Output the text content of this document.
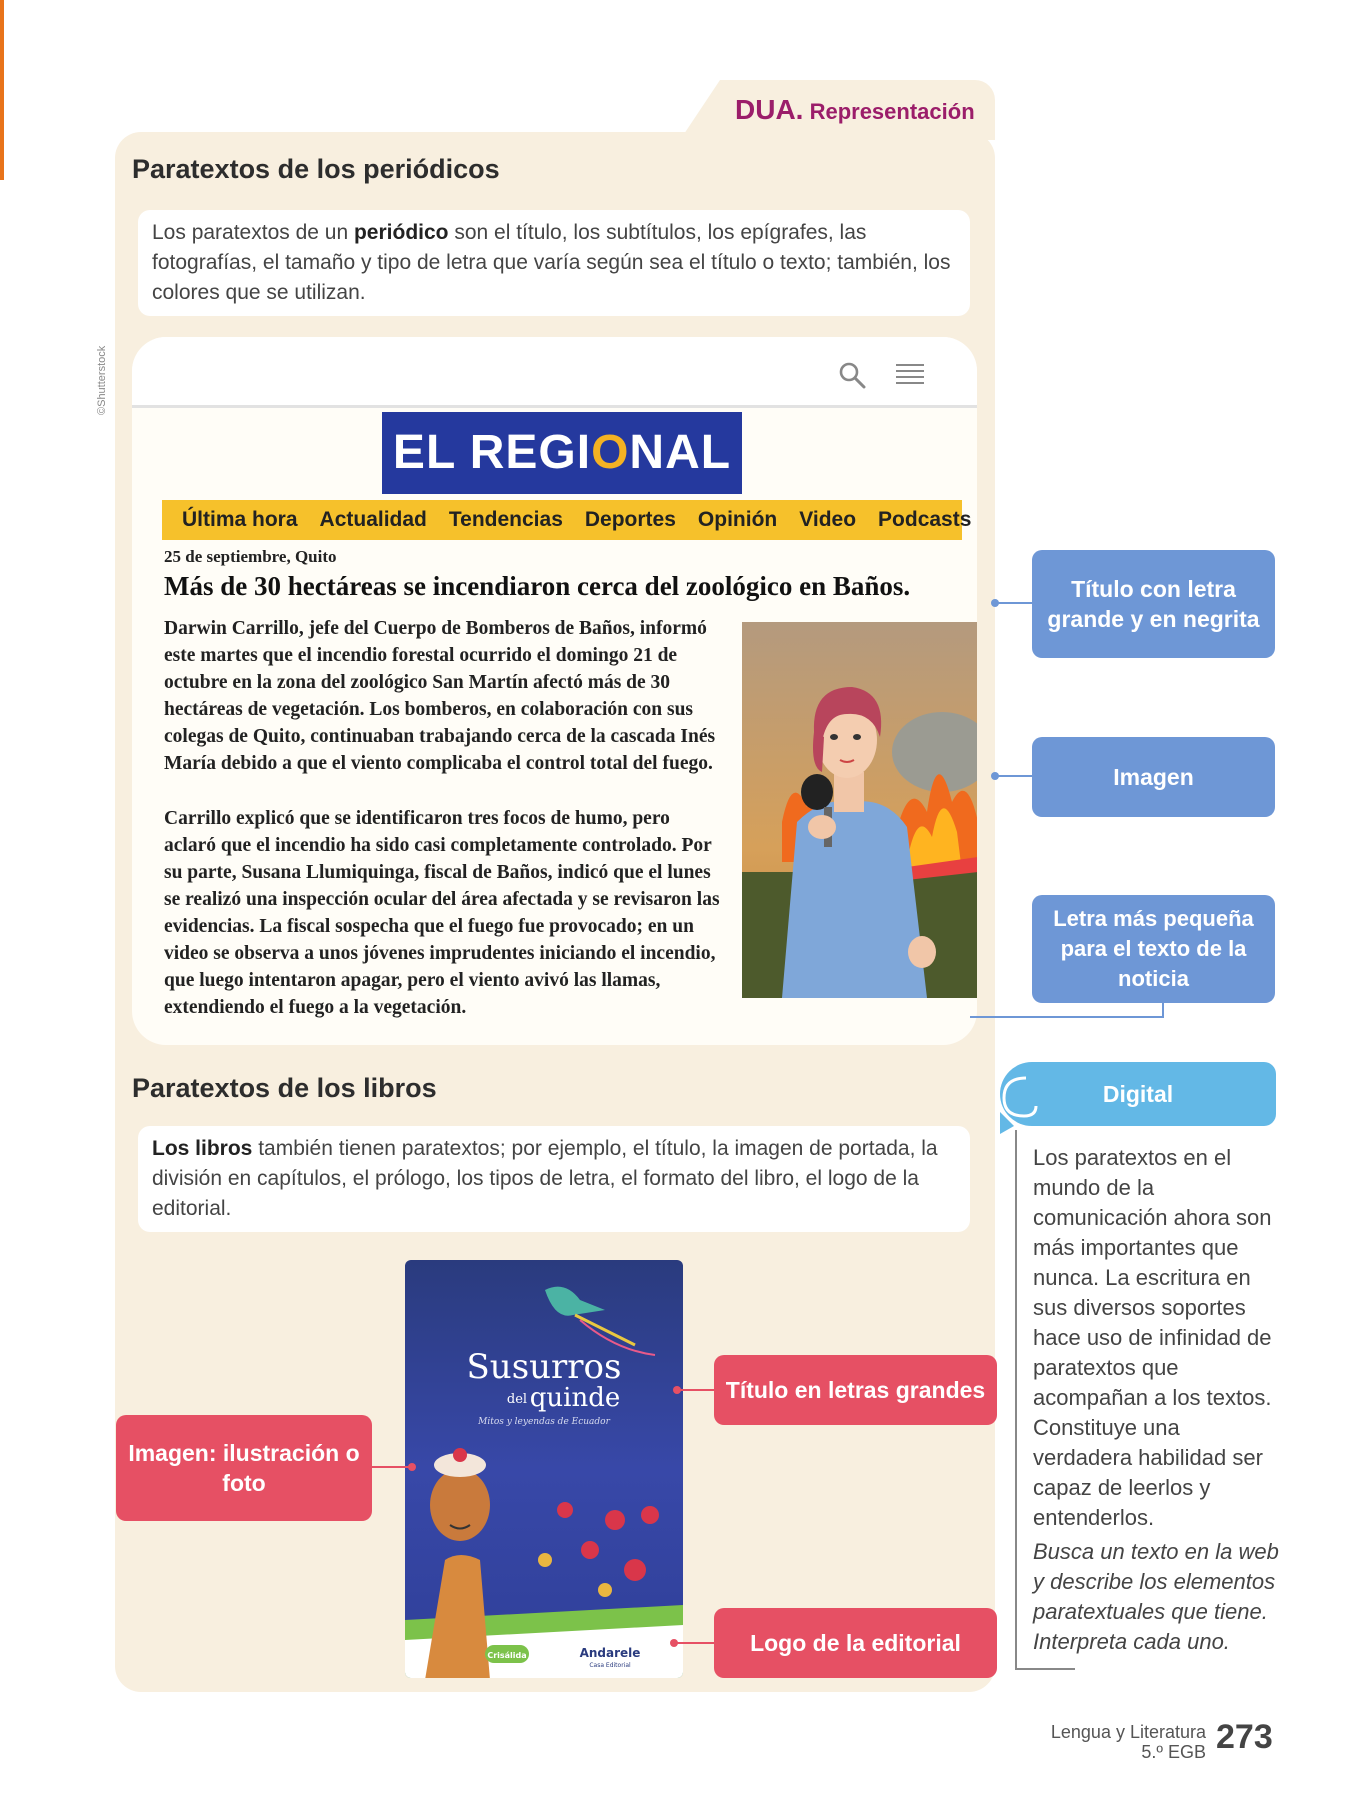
©Shutterstock
DUA. Representación
Paratextos de los periódicos
Los paratextos de un periódico son el título, los subtítulos, los epígrafes, las fotografías, el tamaño y tipo de letra que varía según sea el título o texto; también, los colores que se utilizan.
EL REGIONAL
Última hora Actualidad Tendencias Deportes Opinión Video Podcasts
25 de septiembre, Quito
Más de 30 hectáreas se incendiaron cerca del zoológico en Baños.
Darwin Carrillo, jefe del Cuerpo de Bomberos de Baños, informó este martes que el incendio forestal ocurrido el domingo 21 de octubre en la zona del zoológico San Martín afectó más de 30 hectáreas de vegetación. Los bomberos, en colaboración con sus colegas de Quito, continuaban trabajando cerca de la cascada Inés María debido a que el viento complicaba el control total del fuego.
Carrillo explicó que se identificaron tres focos de humo, pero aclaró que el incendio ha sido casi completamente controlado. Por su parte, Susana Llumiquinga, fiscal de Baños, indicó que el lunes se realizó una inspección ocular del área afectada y se revisaron las evidencias. La fiscal sospecha que el fuego fue provocado; en un video se observa a unos jóvenes imprudentes iniciando el incendio, que luego intentaron apagar, pero el viento avivó las llamas, extendiendo el fuego a la vegetación.
Título con letra grande y en negrita
Imagen
Letra más pequeña para el texto de la noticia
Paratextos de los libros
Los libros también tienen paratextos; por ejemplo, el título, la imagen de portada, la división en capítulos, el prólogo, los tipos de letra, el formato del libro, el logo de la editorial.
Susurros
del quinde
Mitos y leyendas de Ecuador
Crisálida	Andarele
Casa Editorial
Título en letras grandes
Imagen: ilustración o foto
Logo de la editorial
Digital
Los paratextos en el mundo de la comunicación ahora son más importantes que nunca. La escritura en sus diversos soportes hace uso de infinidad de paratextos que acompañan a los textos. Constituye una verdadera habilidad ser capaz de leerlos y entenderlos.
Busca un texto en la web y describe los elementos paratextuales que tiene. Interpreta cada uno.
Lengua y Literatura
5.º EGB 273
